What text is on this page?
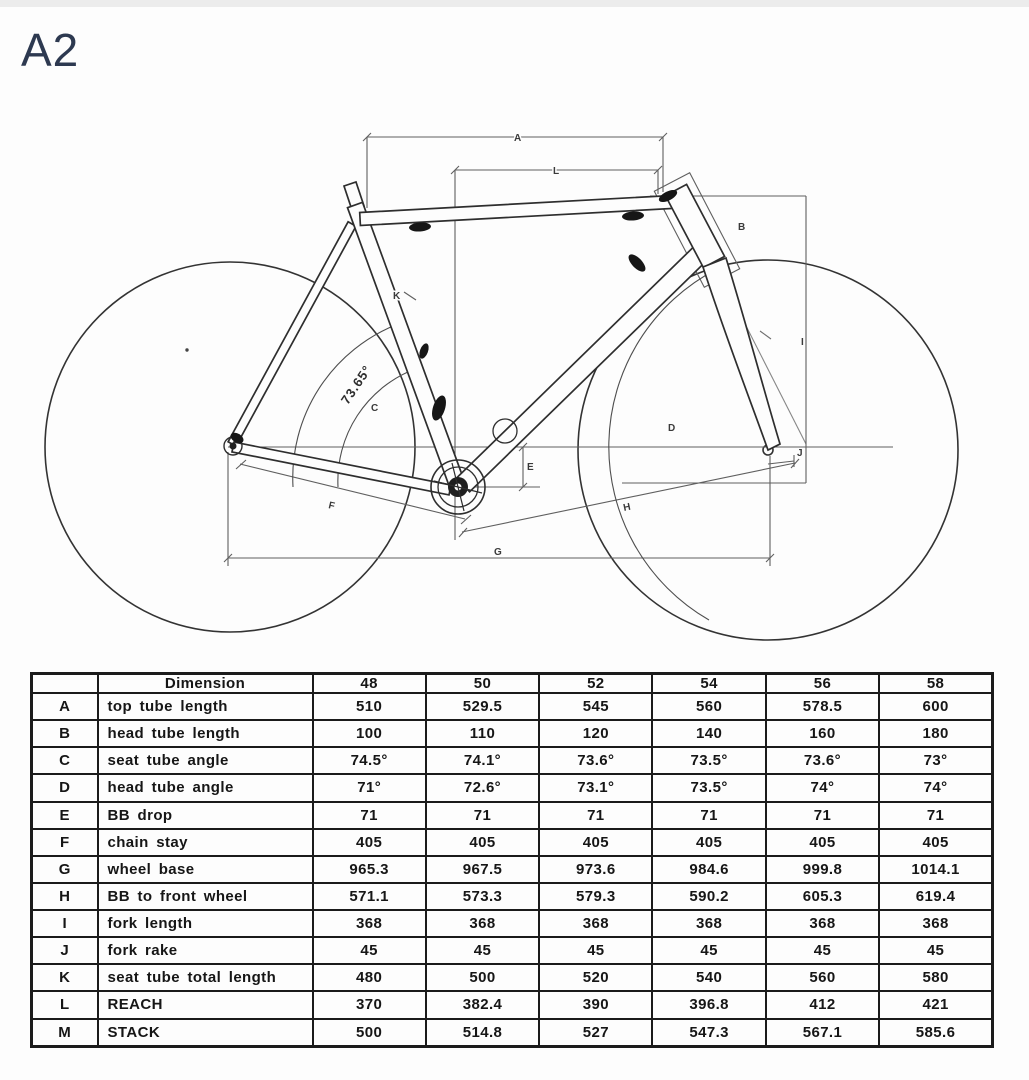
A2
A
L
B
I
E
F
G
H
J
K
C
D
73.65°
	Dimension	48	50	52	54	56	58
A	top tube length	510	529.5	545	560	578.5	600
B	head tube length	100	110	120	140	160	180
C	seat tube angle	74.5°	74.1°	73.6°	73.5°	73.6°	73°
D	head tube angle	71°	72.6°	73.1°	73.5°	74°	74°
E	BB drop	71	71	71	71	71	71
F	chain stay	405	405	405	405	405	405
G	wheel base	965.3	967.5	973.6	984.6	999.8	1014.1
H	BB to front wheel	571.1	573.3	579.3	590.2	605.3	619.4
I	fork length	368	368	368	368	368	368
J	fork rake	45	45	45	45	45	45
K	seat tube total length	480	500	520	540	560	580
L	REACH	370	382.4	390	396.8	412	421
M	STACK	500	514.8	527	547.3	567.1	585.6
